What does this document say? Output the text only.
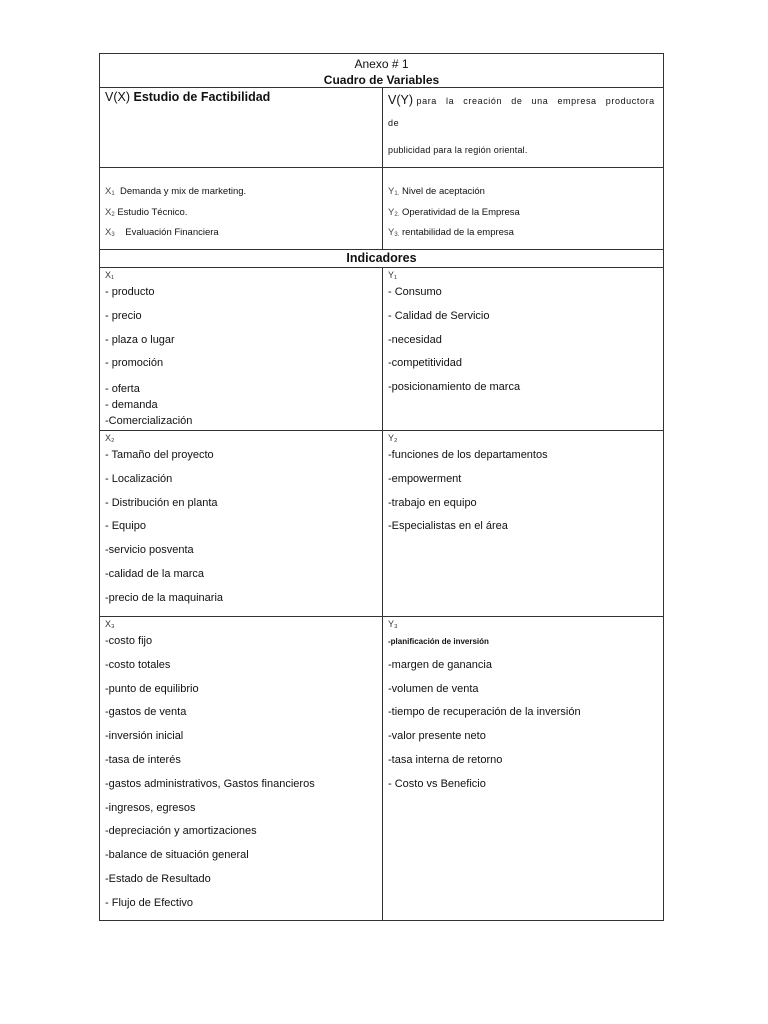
Anexo # 1
Cuadro de Variables
V(X) Estudio de Factibilidad	V(Y) para la creación de una empresa productora de
publicidad para la región oriental.
$X_1$ Demanda y mix de marketing.
$X_2$ Estudio Técnico.
$X_3$ Evaluación Financiera
$Y_{1.}$ Nivel de aceptación
$Y_{2.}$ Operatividad de la Empresa
$Y_{3.}$ rentabilidad de la empresa
Indicadores
X₁
- producto
- precio
- plaza o lugar
- promoción
- oferta
- demanda
-Comercialización
Y₁
- Consumo
- Calidad de Servicio
-necesidad
-competitividad
-posicionamiento de marca
X₂
- Tamaño del proyecto
- Localización
- Distribución en planta
- Equipo
-servicio posventa
-calidad de la marca
-precio de la maquinaria
Y₂
-funciones de los departamentos
-empowerment
-trabajo en equipo
-Especialistas en el área
X₃
-costo fijo
-costo totales
-punto de equilibrio
-gastos de venta
-inversión inicial
-tasa de interés
-gastos administrativos, Gastos financieros
-ingresos, egresos
-depreciación y amortizaciones
-balance de situación general
-Estado de Resultado
- Flujo de Efectivo
Y₃
-planificación de inversión
-margen de ganancia
-volumen de venta
-tiempo de recuperación de la inversión
-valor presente neto
-tasa interna de retorno
- Costo vs Beneficio
